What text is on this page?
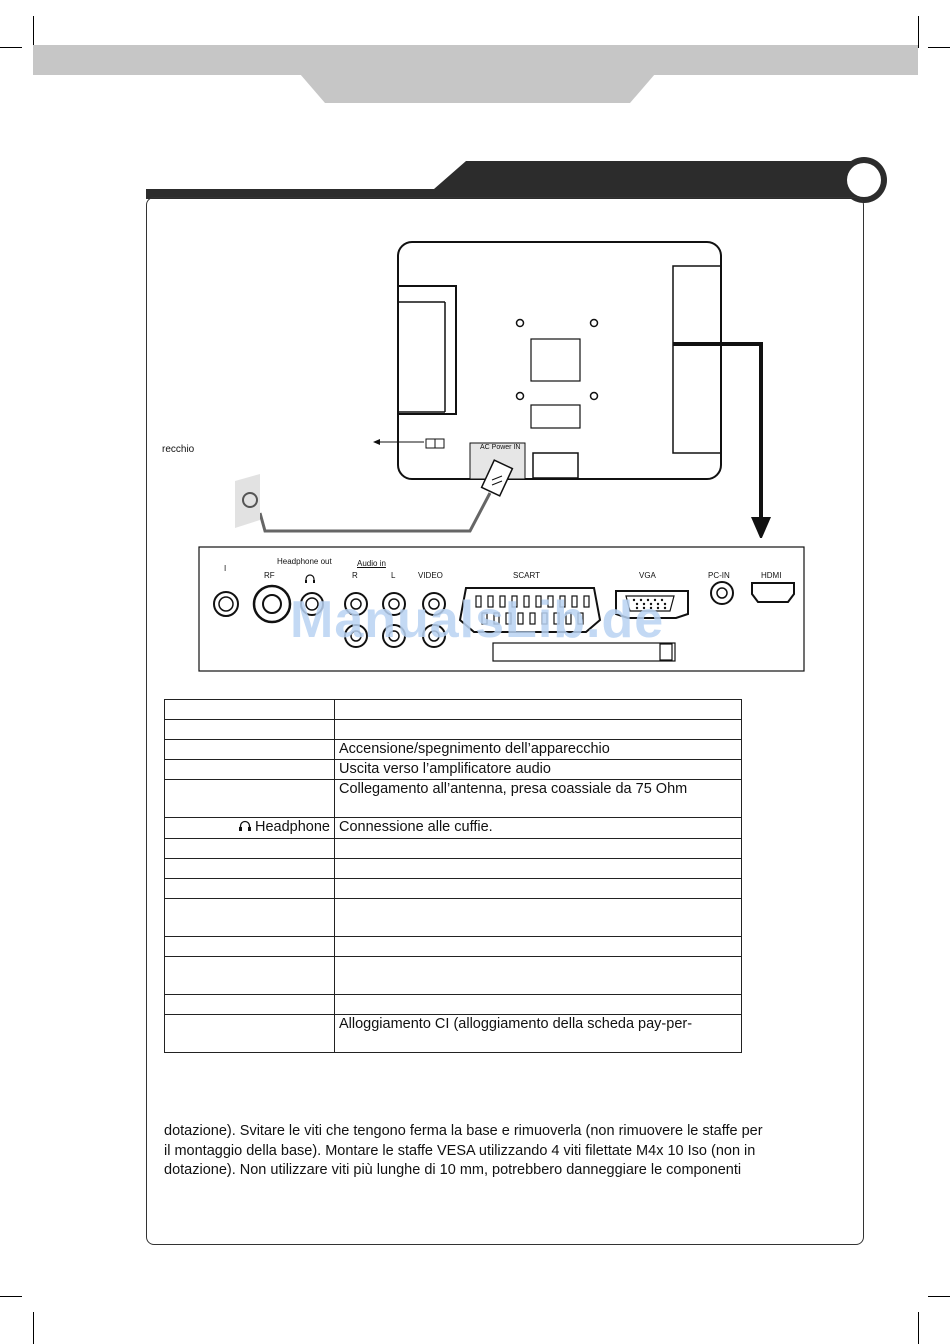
AC Power IN
recchio
Headphone out	Audio in
I
RF	R	L	VIDEO	SCART	VGA	PC-IN	HDMI
ManualsLib.de

	Accensione/spegnimento dell’apparecchio
	Uscita verso l’amplificatore audio
	Collegamento all’antenna, presa coassiale da 75 Ohm
Headphone	Connessione alle cuffie.

	Alloggiamento CI (alloggiamento della scheda pay-per-
dotazione). Svitare le viti che tengono ferma la base e rimuoverla (non rimuovere le staffe per
il montaggio della base). Montare le staffe VESA utilizzando 4 viti filettate M4x 10 Iso (non in
dotazione). Non utilizzare viti più lunghe di 10 mm, potrebbero danneggiare le componenti
